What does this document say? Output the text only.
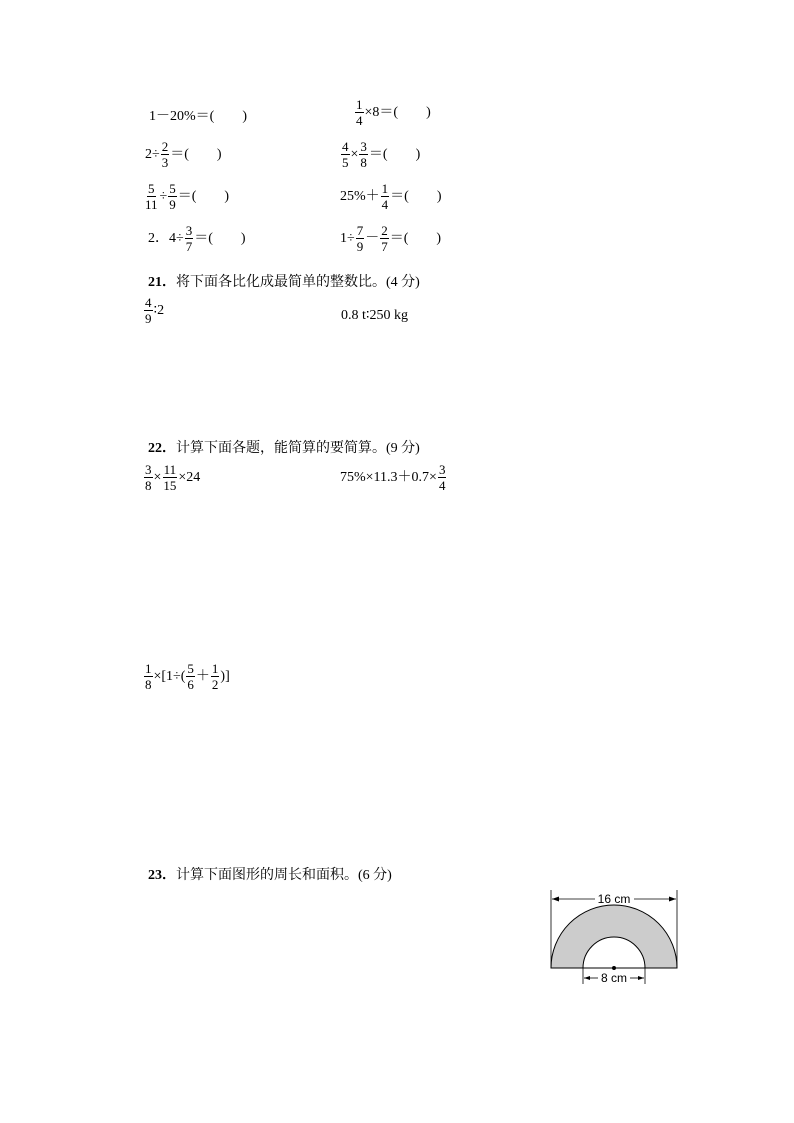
1－20% ＝ (　　)	$\frac{1}{4} \times 8$ ＝ (　　)
$2\div \frac{2}{3}$ ＝ (　　)	$\frac{4}{5} \times \frac{3}{8}$ ＝ (　　)
$\frac{5}{11} \div \frac{5}{9}$ ＝ (　　)	$25\%+ \frac{1}{4}$ ＝ (　　)
2．$4\div \frac{3}{7}$ ＝ (　　)	$1\div \frac{7}{9} - \frac{2}{7}$ ＝ (　　)
21．将下面各比化成最简单的整数比。(4 分)
$\frac{4}{9}$ ∶2	0.8 t∶250 kg
22．计算下面各题，能简算的要简算。(9 分)
$\frac{3}{8} \times \frac{11}{15} \times 24$	$75\%\times 11.3+0.7\times \frac{3}{4}$
$\frac{1}{8} \times[1\div( \frac{5}{6} + \frac{1}{2}$ )]
23．计算下面图形的周长和面积。(6 分)
16 cm
8 cm
